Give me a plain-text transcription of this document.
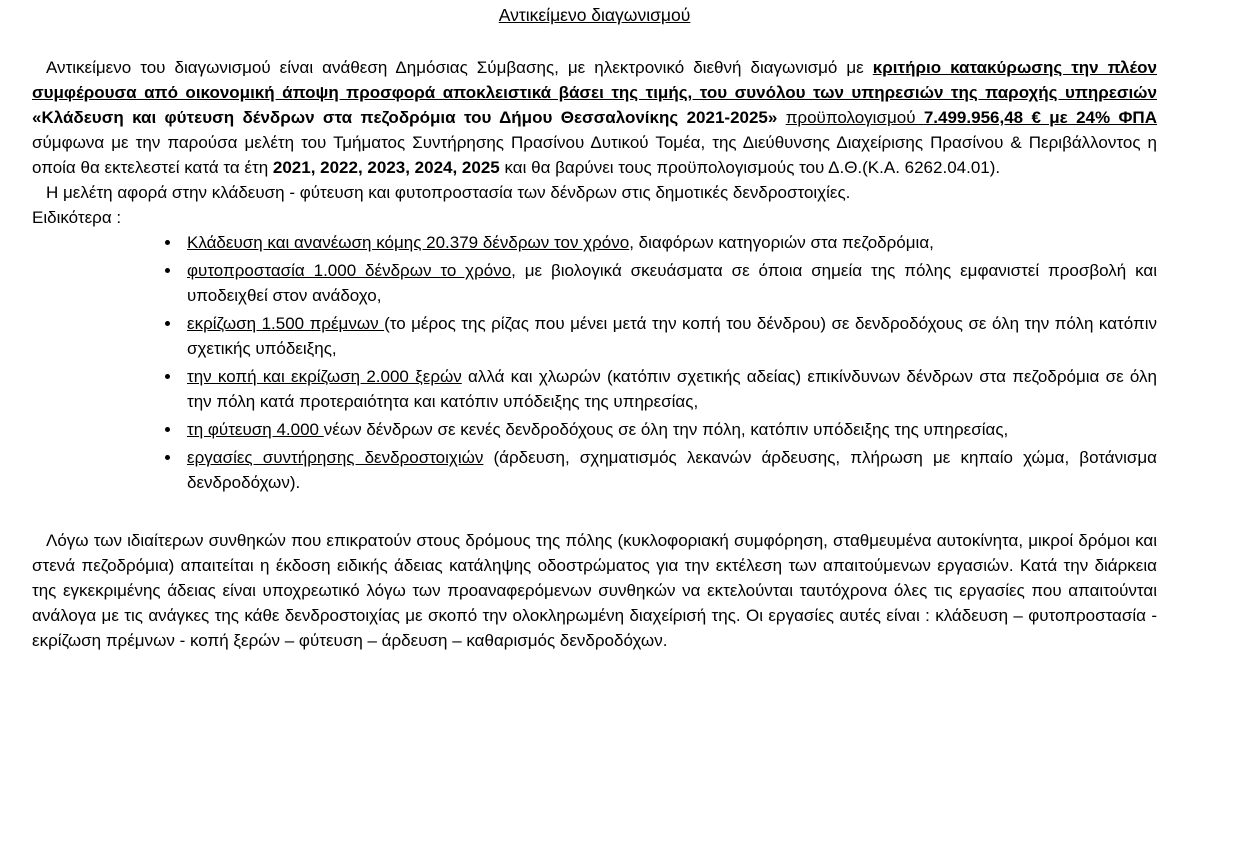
Αντικείμενο διαγωνισμού

Αντικείμενο του διαγωνισμού είναι ανάθεση Δημόσιας Σύμβασης, με ηλεκτρονικό διεθνή διαγωνισμό με κριτήριο κατακύρωσης την πλέον συμφέρουσα από οικονομική άποψη προσφορά αποκλειστικά βάσει της τιμής, του συνόλου των υπηρεσιών της παροχής υπηρεσιών «Κλάδευση και φύτευση δένδρων στα πεζοδρόμια του Δήμου Θεσσαλονίκης 2021-2025» προϋπολογισμού 7.499.956,48 € με 24% ΦΠΑ σύμφωνα με την παρούσα μελέτη του Τμήματος Συντήρησης Πρασίνου Δυτικού Τομέα, της Διεύθυνσης Διαχείρισης Πρασίνου & Περιβάλλοντος η οποία θα εκτελεστεί κατά τα έτη 2021, 2022, 2023, 2024, 2025 και θα βαρύνει τους προϋπολογισμούς του Δ.Θ.(Κ.Α. 6262.04.01).

Η μελέτη αφορά στην κλάδευση - φύτευση και φυτοπροστασία των δένδρων στις δημοτικές δενδροστοιχίες.

Ειδικότερα :

• Κλάδευση και ανανέωση κόμης 20.379 δένδρων τον χρόνο, διαφόρων κατηγοριών στα πεζοδρόμια,
• φυτοπροστασία 1.000 δένδρων το χρόνο, με βιολογικά σκευάσματα σε όποια σημεία της πόλης εμφανιστεί προσβολή και υποδειχθεί στον ανάδοχο,
• εκρίζωση 1.500 πρέμνων (το μέρος της ρίζας που μένει μετά την κοπή του δένδρου) σε δενδροδόχους σε όλη την πόλη κατόπιν σχετικής υπόδειξης,
• την κοπή και εκρίζωση 2.000 ξερών αλλά και χλωρών (κατόπιν σχετικής αδείας) επικίνδυνων δένδρων στα πεζοδρόμια σε όλη την πόλη κατά προτεραιότητα και κατόπιν υπόδειξης της υπηρεσίας,
• τη φύτευση 4.000 νέων δένδρων σε κενές δενδροδόχους σε όλη την πόλη, κατόπιν υπόδειξης της υπηρεσίας,
• εργασίες συντήρησης δενδροστοιχιών (άρδευση, σχηματισμός λεκανών άρδευσης, πλήρωση με κηπαίο χώμα, βοτάνισμα δενδροδόχων).

Λόγω των ιδιαίτερων συνθηκών που επικρατούν στους δρόμους της πόλης (κυκλοφοριακή συμφόρηση, σταθμευμένα αυτοκίνητα, μικροί δρόμοι και στενά πεζοδρόμια) απαιτείται η έκδοση ειδικής άδειας κατάληψης οδοστρώματος για την εκτέλεση των απαιτούμενων εργασιών. Κατά την διάρκεια της εγκεκριμένης άδειας είναι υποχρεωτικό λόγω των προαναφερόμενων συνθηκών να εκτελούνται ταυτόχρονα όλες τις εργασίες που απαιτούνται ανάλογα με τις ανάγκες της κάθε δενδροστοιχίας με σκοπό την ολοκληρωμένη διαχείρισή της. Οι εργασίες αυτές είναι : κλάδευση – φυτοπροστασία - εκρίζωση πρέμνων - κοπή ξερών – φύτευση – άρδευση – καθαρισμός δενδροδόχων.
